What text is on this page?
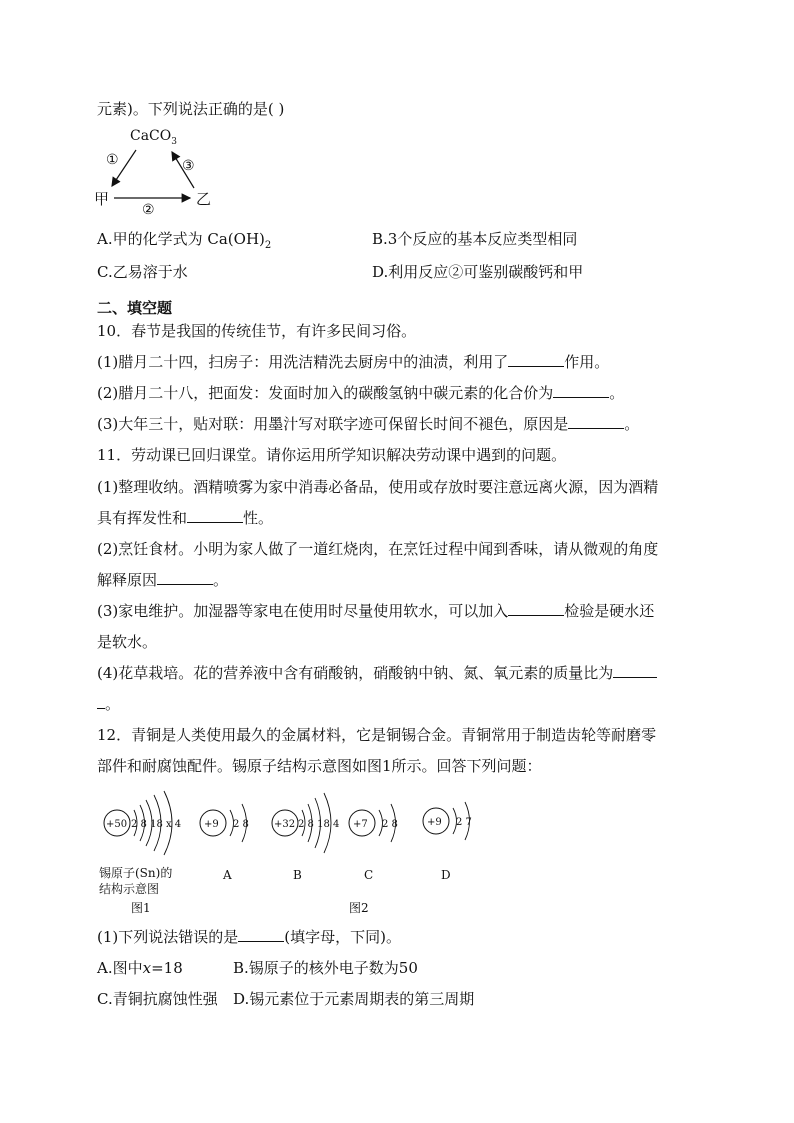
元素)。下列说法正确的是( )
CaCO$_3$
甲	乙
①
②
③
A.甲的化学式为 $Ca(OH)_2$	B.3个反应的基本反应类型相同
C.乙易溶于水	D.利用反应②可鉴别碳酸钙和甲
二、填空题
10．春节是我国的传统佳节，有许多民间习俗。
(1)腊月二十四，扫房子：用洗洁精洗去厨房中的油渍，利用了	作用。
(2)腊月二十八，把面发：发面时加入的碳酸氢钠中碳元素的化合价为	。
(3)大年三十，贴对联：用墨汁写对联字迹可保留长时间不褪色，原因是	。
11．劳动课已回归课堂。请你运用所学知识解决劳动课中遇到的问题。
(1)整理收纳。酒精喷雾为家中消毒必备品，使用或存放时要注意远离火源，因为酒精
具有挥发性和	性。
(2)烹饪食材。小明为家人做了一道红烧肉，在烹饪过程中闻到香味，请从微观的角度
解释原因	。
(3)家电维护。加湿器等家电在使用时尽量使用软水，可以加入	检验是硬水还
是软水。
(4)花草栽培。花的营养液中含有硝酸钠，硝酸钠中钠、氮、氧元素的质量比为
。
12．青铜是人类使用最久的金属材料，它是铜锡合金。青铜常用于制造齿轮等耐磨零
部件和耐腐蚀配件。锡原子结构示意图如图1所示。回答下列问题：
+50 2 8 18 x 4 +9 2 8	+32 2 8 18 4 +7 2 8	+9 2 7
锡原子(Sn)的
结构示意图
A	B	C	D
图1	图2
(1)下列说法错误的是	(填字母，下同)。
A.图中x=18	B.锡原子的核外电子数为50
C.青铜抗腐蚀性强 D.锡元素位于元素周期表的第三周期
